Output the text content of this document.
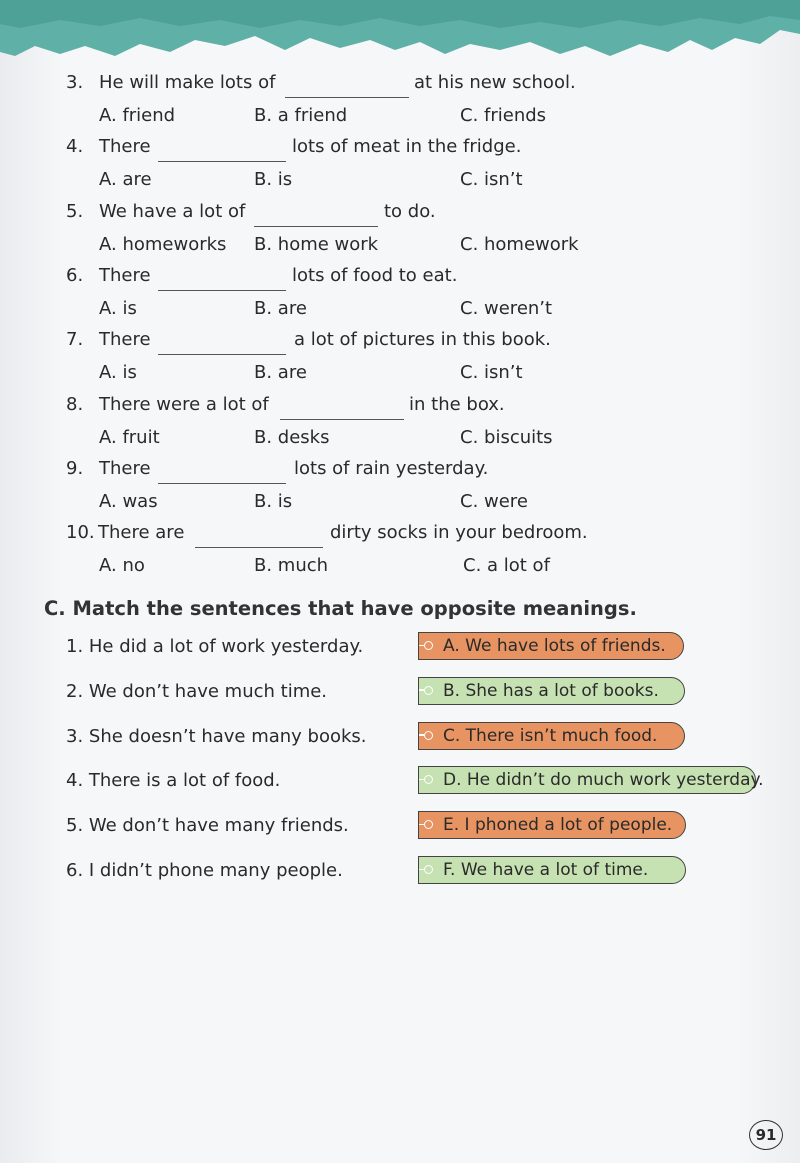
3. He will make lots of	at his new school.
A. friend	B. a friend	C. friends
4. There	lots of meat in the fridge.
A. are	B. is	C. isn’t
5. We have a lot of	to do.
A. homeworks B. home work	C. homework
6. There	lots of food to eat.
A. is	B. are	C. weren’t
7. There	a lot of pictures in this book.
A. is	B. are	C. isn’t
8. There were a lot of	in the box.
A. fruit	B. desks	C. biscuits
9. There	lots of rain yesterday.
A. was	B. is	C. were
10. There are	dirty socks in your bedroom.
A. no	B. much	C. a lot of
C. Match the sentences that have opposite meanings.
1. He did a lot of work yesterday.
2. We don’t have much time.
3. She doesn’t have many books.
4. There is a lot of food.
5. We don’t have many friends.
6. I didn’t phone many people.
A. We have lots of friends.
B. She has a lot of books.
C. There isn’t much food.
D. He didn’t do much work yesterday.
E. I phoned a lot of people.
F. We have a lot of time.
91
